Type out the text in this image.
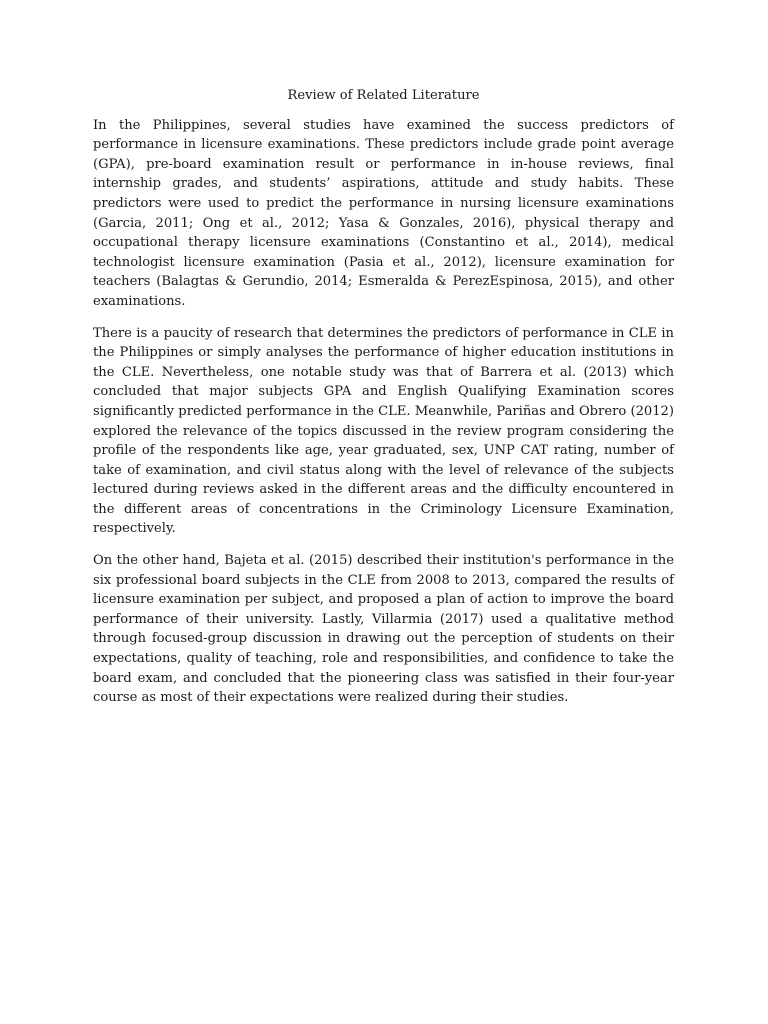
Review of Related Literature

In the Philippines, several studies have examined the success predictors of performance in licensure examinations. These predictors include grade point average (GPA), pre-board examination result or performance in in-house reviews, final internship grades, and students’ aspirations, attitude and study habits. These predictors were used to predict the performance in nursing licensure examinations (Garcia, 2011; Ong et al., 2012; Yasa & Gonzales, 2016), physical therapy and occupational therapy licensure examinations (Constantino et al., 2014), medical technologist licensure examination (Pasia et al., 2012), licensure examination for teachers (Balagtas & Gerundio, 2014; Esmeralda & PerezEspinosa, 2015), and other examinations.

There is a paucity of research that determines the predictors of performance in CLE in the Philippines or simply analyses the performance of higher education institutions in the CLE. Nevertheless, one notable study was that of Barrera et al. (2013) which concluded that major subjects GPA and English Qualifying Examination scores significantly predicted performance in the CLE. Meanwhile, Pariñas and Obrero (2012) explored the relevance of the topics discussed in the review program considering the profile of the respondents like age, year graduated, sex, UNP CAT rating, number of take of examination, and civil status along with the level of relevance of the subjects lectured during reviews asked in the different areas and the difficulty encountered in the different areas of concentrations in the Criminology Licensure Examination, respectively.

On the other hand, Bajeta et al. (2015) described their institution's performance in the six professional board subjects in the CLE from 2008 to 2013, compared the results of licensure examination per subject, and proposed a plan of action to improve the board performance of their university. Lastly, Villarmia (2017) used a qualitative method through focused-group discussion in drawing out the perception of students on their expectations, quality of teaching, role and responsibilities, and confidence to take the board exam, and concluded that the pioneering class was satisfied in their four-year course as most of their expectations were realized during their studies.
